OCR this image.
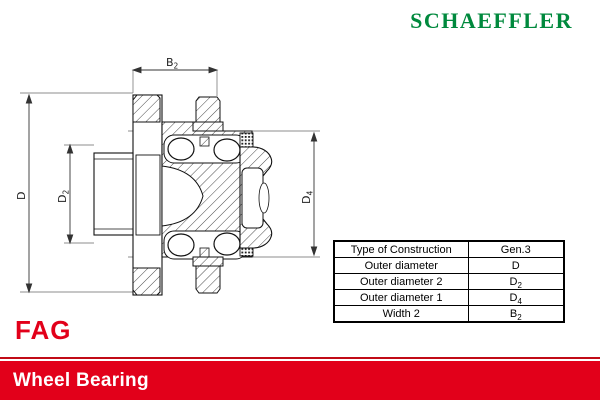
SCHAEFFLER
$B_2$
D	$D_2$
$D_4$
Type of Construction	Gen.3
Outer diameter	D
Outer diameter 2	$D_2$
Outer diameter 1	$D_4$
Width 2	$B_2$
FAG
Wheel Bearing
